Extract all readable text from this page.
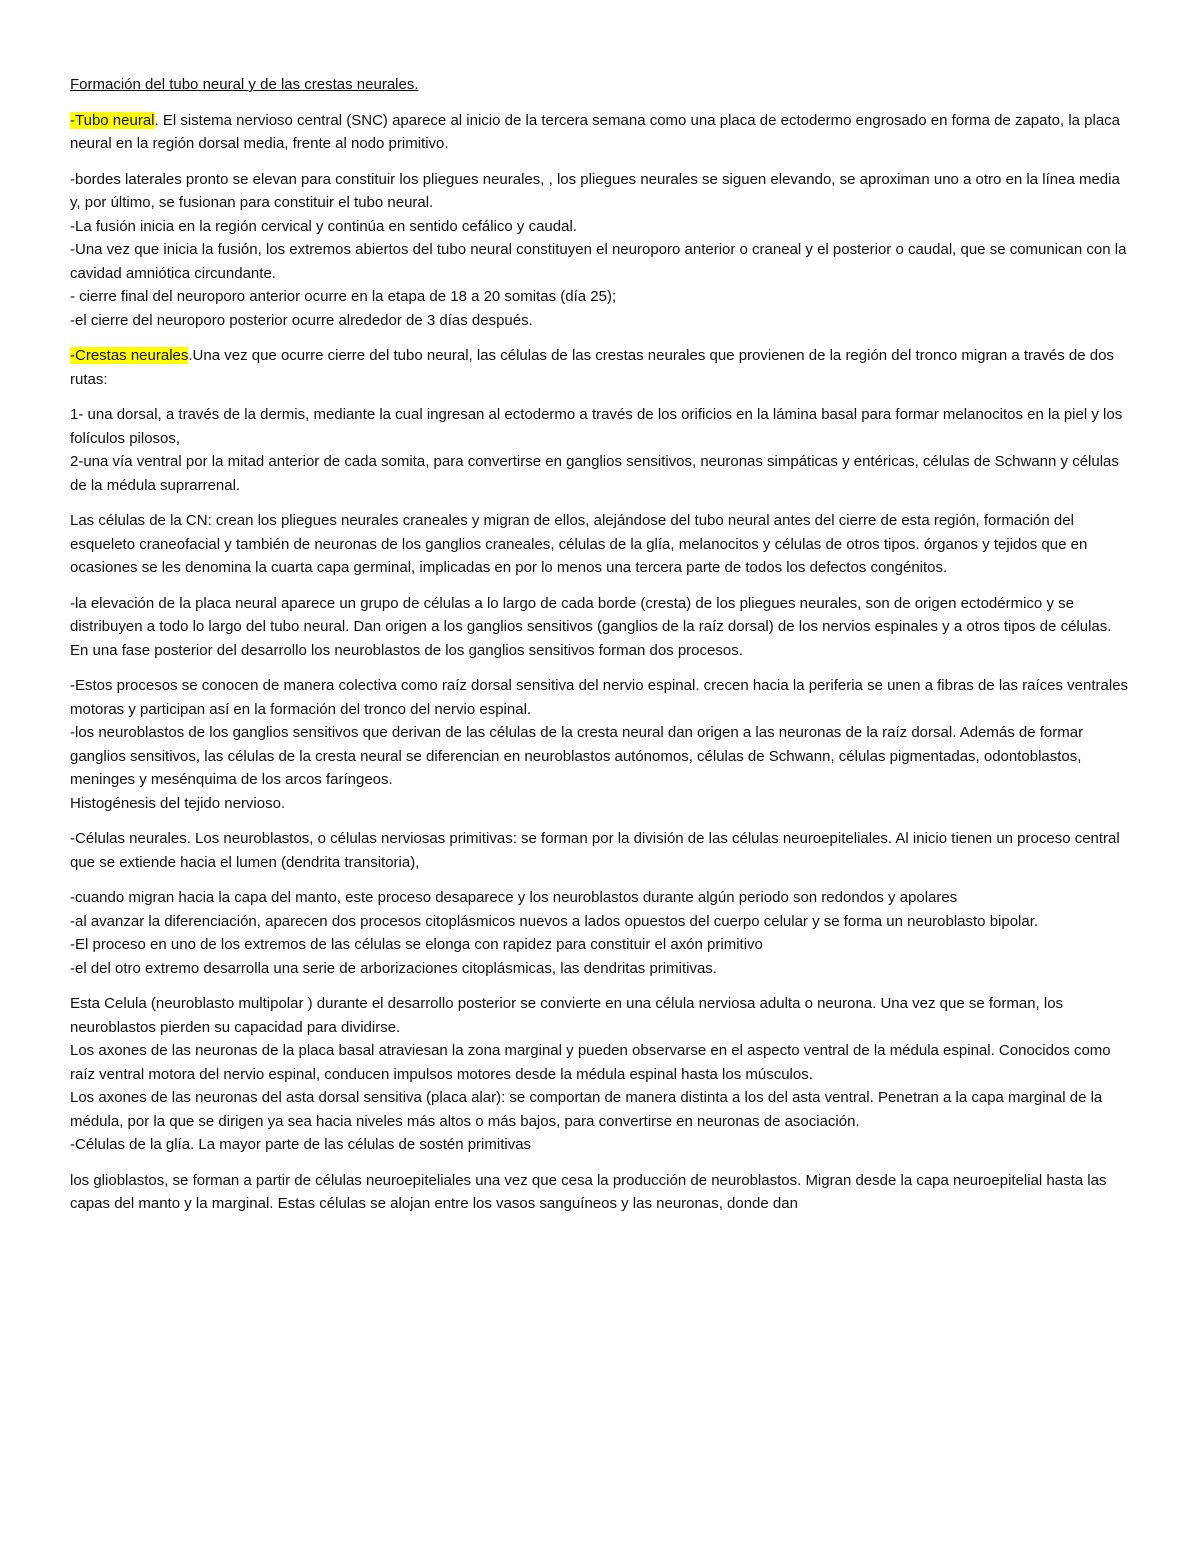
Formación del tubo neural y de las crestas neurales.
-Tubo neural. El sistema nervioso central (SNC) aparece al inicio de la tercera semana como una placa de ectodermo engrosado en forma de zapato, la placa neural en la región dorsal media, frente al nodo primitivo.
-bordes laterales pronto se elevan para constituir los pliegues neurales, , los pliegues neurales se siguen elevando, se aproximan uno a otro en la línea media y, por último, se fusionan para constituir el tubo neural.
-La fusión inicia en la región cervical y continúa en sentido cefálico y caudal.
-Una vez que inicia la fusión, los extremos abiertos del tubo neural constituyen el neuroporo anterior o craneal y el posterior o caudal, que se comunican con la cavidad amniótica circundante.
- cierre final del neuroporo anterior ocurre en la etapa de 18 a 20 somitas (día 25);
-el cierre del neuroporo posterior ocurre alrededor de 3 días después.
-Crestas neurales.Una vez que ocurre cierre del tubo neural, las células de las crestas neurales que provienen de la región del tronco migran a través de dos rutas:
1- una dorsal, a través de la dermis, mediante la cual ingresan al ectodermo a través de los orificios en la lámina basal para formar melanocitos en la piel y los folículos pilosos,
2-una vía ventral por la mitad anterior de cada somita, para convertirse en ganglios sensitivos, neuronas simpáticas y entéricas, células de Schwann y células de la médula suprarrenal.
Las células de la CN: crean los pliegues neurales craneales y migran de ellos, alejándose del tubo neural antes del cierre de esta región, formación del esqueleto craneofacial y también de neuronas de los ganglios craneales, células de la glía, melanocitos y células de otros tipos. órganos y tejidos que en ocasiones se les denomina la cuarta capa germinal, implicadas en por lo menos una tercera parte de todos los defectos congénitos.
-la elevación de la placa neural aparece un grupo de células a lo largo de cada borde (cresta) de los pliegues neurales, son de origen ectodérmico y se distribuyen a todo lo largo del tubo neural. Dan origen a los ganglios sensitivos (ganglios de la raíz dorsal) de los nervios espinales y a otros tipos de células. En una fase posterior del desarrollo los neuroblastos de los ganglios sensitivos forman dos procesos.
-Estos procesos se conocen de manera colectiva como raíz dorsal sensitiva del nervio espinal. crecen hacia la periferia se unen a fibras de las raíces ventrales motoras y participan así en la formación del tronco del nervio espinal.
-los neuroblastos de los ganglios sensitivos que derivan de las células de la cresta neural dan origen a las neuronas de la raíz dorsal. Además de formar ganglios sensitivos, las células de la cresta neural se diferencian en neuroblastos autónomos, células de Schwann, células pigmentadas, odontoblastos, meninges y mesénquima de los arcos faríngeos.
Histogénesis del tejido nervioso.
-Células neurales. Los neuroblastos, o células nerviosas primitivas: se forman por la división de las células neuroepiteliales. Al inicio tienen un proceso central que se extiende hacia el lumen (dendrita transitoria),
-cuando migran hacia la capa del manto, este proceso desaparece y los neuroblastos durante algún periodo son redondos y apolares
-al avanzar la diferenciación, aparecen dos procesos citoplásmicos nuevos a lados opuestos del cuerpo celular y se forma un neuroblasto bipolar.
-El proceso en uno de los extremos de las células se elonga con rapidez para constituir el axón primitivo
-el del otro extremo desarrolla una serie de arborizaciones citoplásmicas, las dendritas primitivas.
Esta Celula (neuroblasto multipolar ) durante el desarrollo posterior se convierte en una célula nerviosa adulta o neurona. Una vez que se forman, los neuroblastos pierden su capacidad para dividirse.
Los axones de las neuronas de la placa basal atraviesan la zona marginal y pueden observarse en el aspecto ventral de la médula espinal. Conocidos como raíz ventral motora del nervio espinal, conducen impulsos motores desde la médula espinal hasta los músculos.
Los axones de las neuronas del asta dorsal sensitiva (placa alar): se comportan de manera distinta a los del asta ventral. Penetran a la capa marginal de la médula, por la que se dirigen ya sea hacia niveles más altos o más bajos, para convertirse en neuronas de asociación.
-Células de la glía. La mayor parte de las células de sostén primitivas
los glioblastos, se forman a partir de células neuroepiteliales una vez que cesa la producción de neuroblastos. Migran desde la capa neuroepitelial hasta las capas del manto y la marginal. Estas células se alojan entre los vasos sanguíneos y las neuronas, donde dan
